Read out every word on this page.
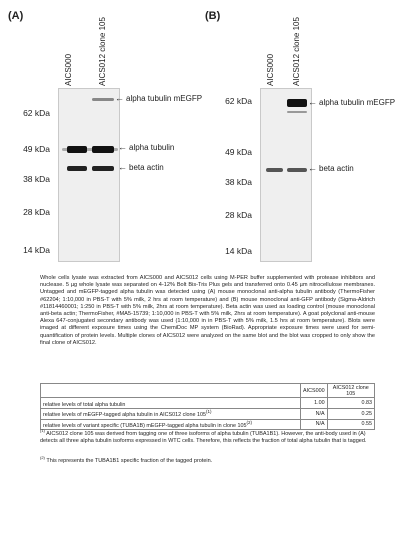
(A)
AICS000	AICS012 clone 105
62 kDa
49 kDa
38 kDa
28 kDa
14 kDa
← alpha tubulin mEGFP
← alpha tubulin
← beta actin
(B)
AICS000 AICS012 clone 105
62 kDa
49 kDa
38 kDa
28 kDa
14 kDa
← alpha tubulin mEGFP
← beta actin
Whole cells lysate was extracted from AICS000 and AICS012 cells using M-PER buffer supplemented with protease inhibitors and nuclease. 5 µg whole lysate was separated on 4-12% Bolt Bis-Tris Plus gels and transferred onto 0.45 µm nitrocellulose membranes. Untagged and mEGFP-tagged alpha tubulin was detected using (A) mouse monoclonal anti-alpha tubulin antibody (ThermoFisher #62204; 1:10,000 in PBS-T with 5% milk, 2 hrs at room temperature) and (B) mouse monoclonal anti-GFP antibody (Sigma-Aldrich #11814460001; 1:250 in PBS-T with 5% milk, 2hrs at room temperature). Beta actin was used as loading control (mouse monoclonal anti-beta actin; ThermoFisher, #MA5-15739; 1:10,000 in PBS-T with 5% milk, 2hrs at room temperature). A goat polyclonal anti-mouse Alexa 647-conjugated secondary antibody was used (1:10,000 in in PBS-T with 5% milk, 1.5 hrs at room temperature). Blots were imaged at different exposure times using the ChemiDoc MP system (BioRad). Appropriate exposure times were used for semi-quantification of protein levels. Multiple clones of AICS012 were analyzed on the same blot and the blot was cropped to only show the final clone of AICS012.
	AICS000	AICS012 clone 105
relative levels of total alpha tubulin	1.00	0.83
relative levels of mEGFP-tagged alpha tubulin in AICS012 clone 105$^{(1)}$	N/A	0.25
relative levels of variant specific (TUBA1B) mEGFP-tagged alpha tubulin in clone 105$^{(2)}$	N/A	0.55
$^{(1)}$ AICS012 clone 105 was derived from tagging one of three isoforms of alpha tubulin (TUBA1B1). However, the anti-body used in (A) detects all three alpha tubulin isoforms expressed in WTC cells. Therefore, this reflects the fraction of total alpha tubulin that is tagged.
$^{(2)}$ This represents the TUBA1B1 specific fraction of the tagged protein.
